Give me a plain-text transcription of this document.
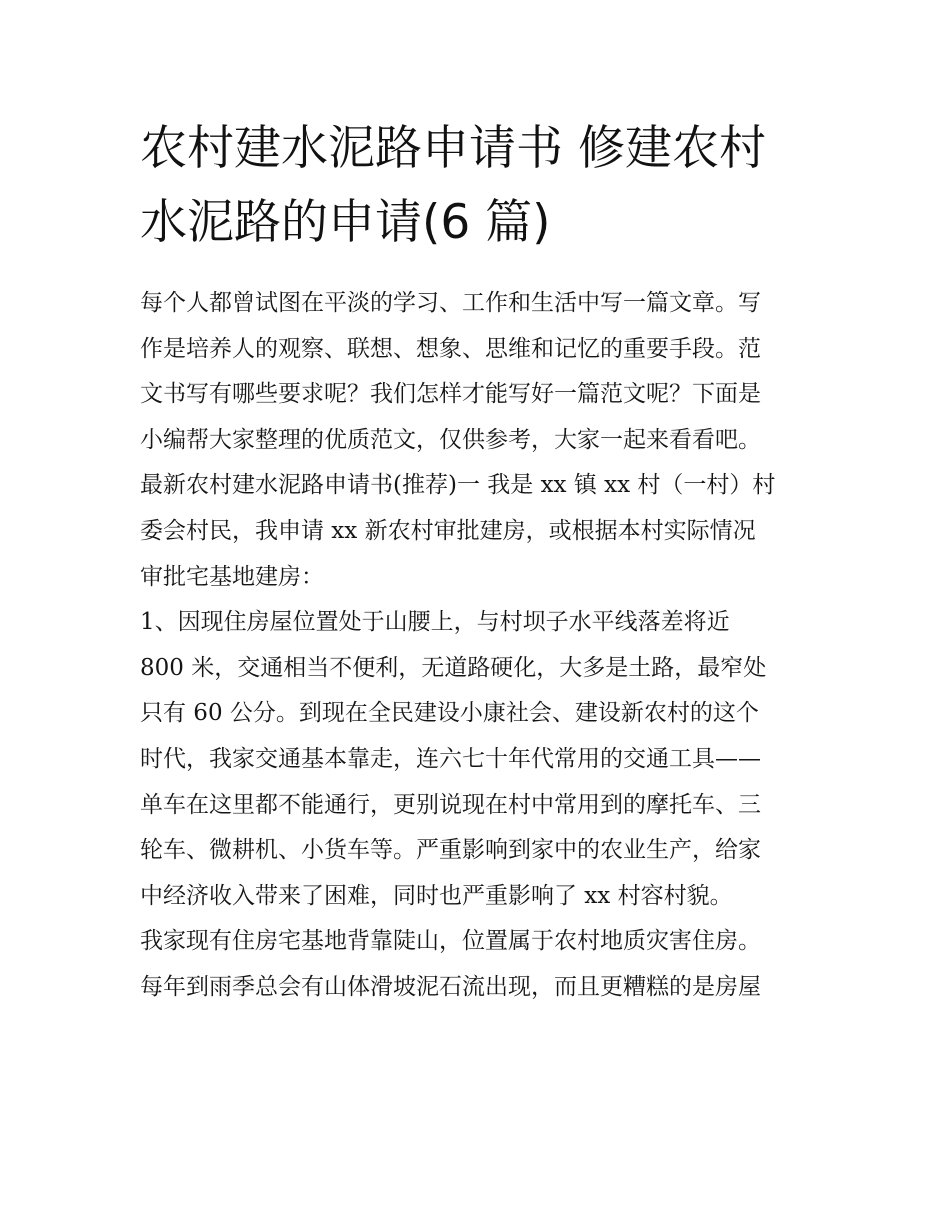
农村建水泥路申请书 修建农村
水泥路的申请(6 篇)
每个人都曾试图在平淡的学习、工作和生活中写一篇文章。写
作是培养人的观察、联想、想象、思维和记忆的重要手段。范
文书写有哪些要求呢？我们怎样才能写好一篇范文呢？下面是
小编帮大家整理的优质范文，仅供参考，大家一起来看看吧。
最新农村建水泥路申请书(推荐)一 我是 xx 镇 xx 村（一村）村
委会村民，我申请 xx 新农村审批建房，或根据本村实际情况
审批宅基地建房：
1、因现住房屋位置处于山腰上，与村坝子水平线落差将近
800 米，交通相当不便利，无道路硬化，大多是土路，最窄处
只有 60 公分。到现在全民建设小康社会、建设新农村的这个
时代，我家交通基本靠走，连六七十年代常用的交通工具——
单车在这里都不能通行，更别说现在村中常用到的摩托车、三
轮车、微耕机、小货车等。严重影响到家中的农业生产，给家
中经济收入带来了困难，同时也严重影响了 xx 村容村貌。
我家现有住房宅基地背靠陡山，位置属于农村地质灾害住房。
每年到雨季总会有山体滑坡泥石流出现，而且更糟糕的是房屋
